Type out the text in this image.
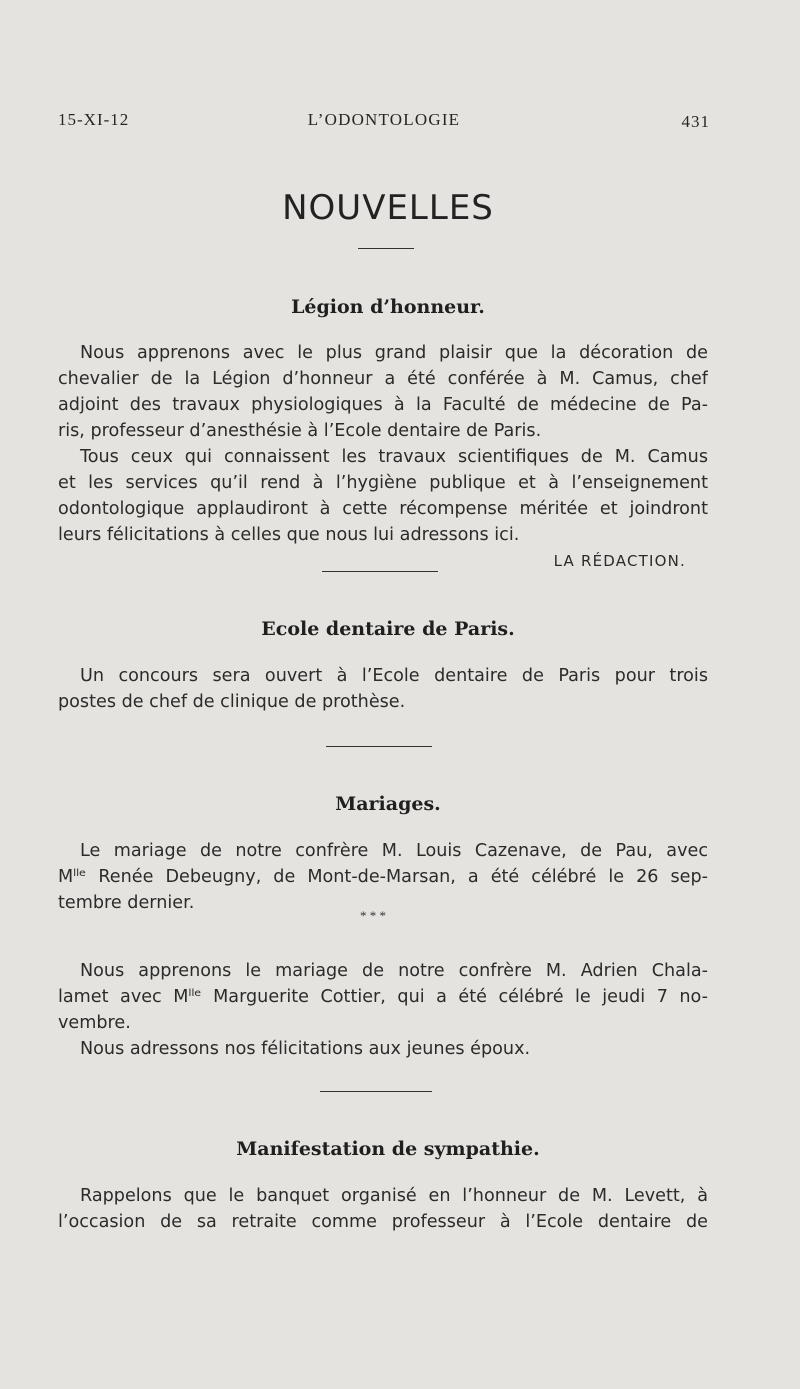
15-XI-12	L’ODONTOLOGIE	431
NOUVELLES
Légion d’honneur.
Nous apprenons avec le plus grand plaisir que la décoration de
chevalier de la Légion d’honneur a été conférée à M. Camus, chef
adjoint des travaux physiologiques à la Faculté de médecine de Pa-
ris, professeur d’anesthésie à l’Ecole dentaire de Paris.
Tous ceux qui connaissent les travaux scientifiques de M. Camus
et les services qu’il rend à l’hygiène publique et à l’enseignement
odontologique applaudiront à cette récompense méritée et joindront
leurs félicitations à celles que nous lui adressons ici.
LA RÉDACTION.
Ecole dentaire de Paris.
Un concours sera ouvert à l’Ecole dentaire de Paris pour trois
postes de chef de clinique de prothèse.
Mariages.
Le mariage de notre confrère M. Louis Cazenave, de Pau, avec
Mˡˡᵉ Renée Debeugny, de Mont-de-Marsan, a été célébré le 26 sep-
tembre dernier.
* * *
Nous apprenons le mariage de notre confrère M. Adrien Chala-
lamet avec Mˡˡᵉ Marguerite Cottier, qui a été célébré le jeudi 7 no-
vembre.
Nous adressons nos félicitations aux jeunes époux.
Manifestation de sympathie.
Rappelons que le banquet organisé en l’honneur de M. Levett, à
l’occasion de sa retraite comme professeur à l’Ecole dentaire de
